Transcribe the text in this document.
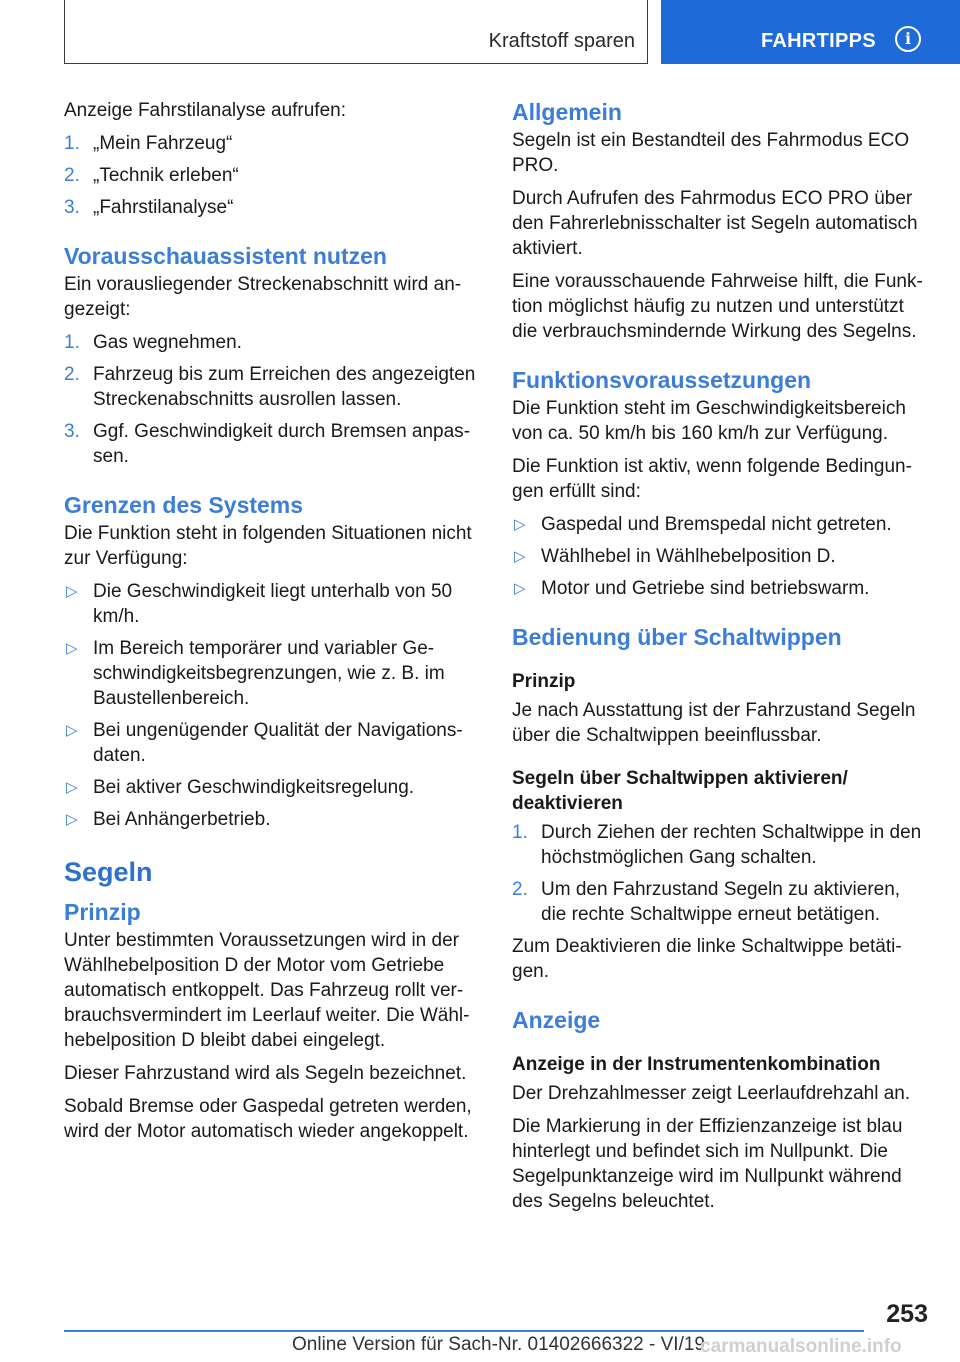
Kraftstoff sparen	FAHRTIPPS	i

Anzeige Fahrstilanalyse aufrufen:

1. „Mein Fahrzeug“
2. „Technik erleben“
3. „Fahrstilanalyse“
Vorausschauassistent nutzen

Ein vorausliegender Streckenabschnitt wird angezeigt:

1. Gas wegnehmen.
2. Fahrzeug bis zum Erreichen des angezeigten Streckenabschnitts ausrollen lassen.
3. Ggf. Geschwindigkeit durch Bremsen anpassen.
Grenzen des Systems

Die Funktion steht in folgenden Situationen nicht zur Verfügung:

▷ Die Geschwindigkeit liegt unterhalb von 50 km/h.
▷ Im Bereich temporärer und variabler Geschwindigkeitsbegrenzungen, wie z. B. im Baustellenbereich.
▷ Bei ungenügender Qualität der Navigationsdaten.
▷ Bei aktiver Geschwindigkeitsregelung.
▷ Bei Anhängerbetrieb.
Segeln
Prinzip

Unter bestimmten Voraussetzungen wird in der Wählhebelposition D der Motor vom Getriebe automatisch entkoppelt. Das Fahrzeug rollt verbrauchsvermindert im Leerlauf weiter. Die Wählhebelposition D bleibt dabei eingelegt.

Dieser Fahrzustand wird als Segeln bezeichnet.

Sobald Bremse oder Gaspedal getreten werden, wird der Motor automatisch wieder angekoppelt.

Allgemein

Segeln ist ein Bestandteil des Fahrmodus ECO PRO.

Durch Aufrufen des Fahrmodus ECO PRO über den Fahrerlebnisschalter ist Segeln automatisch aktiviert.

Eine vorausschauende Fahrweise hilft, die Funktion möglichst häufig zu nutzen und unterstützt die verbrauchsmindernde Wirkung des Segelns.

Funktionsvoraussetzungen

Die Funktion steht im Geschwindigkeitsbereich von ca. 50 km/h bis 160 km/h zur Verfügung.

Die Funktion ist aktiv, wenn folgende Bedingungen erfüllt sind:

▷ Gaspedal und Bremspedal nicht getreten.
▷ Wählhebel in Wählhebelposition D.
▷ Motor und Getriebe sind betriebswarm.
Bedienung über Schaltwippen
Prinzip

Je nach Ausstattung ist der Fahrzustand Segeln über die Schaltwippen beeinflussbar.

Segeln über Schaltwippen aktivieren/ deaktivieren
1. Durch Ziehen der rechten Schaltwippe in den höchstmöglichen Gang schalten.
2. Um den Fahrzustand Segeln zu aktivieren, die rechte Schaltwippe erneut betätigen.

Zum Deaktivieren die linke Schaltwippe betätigen.

Anzeige
Anzeige in der Instrumentenkombination

Der Drehzahlmesser zeigt Leerlaufdrehzahl an.

Die Markierung in der Effizienzanzeige ist blau hinterlegt und befindet sich im Nullpunkt. Die Segelpunktanzeige wird im Nullpunkt während des Segelns beleuchtet.

253
Online Version für Sach-Nr. 01402666322 - VI/19
carmanualsonline.info
